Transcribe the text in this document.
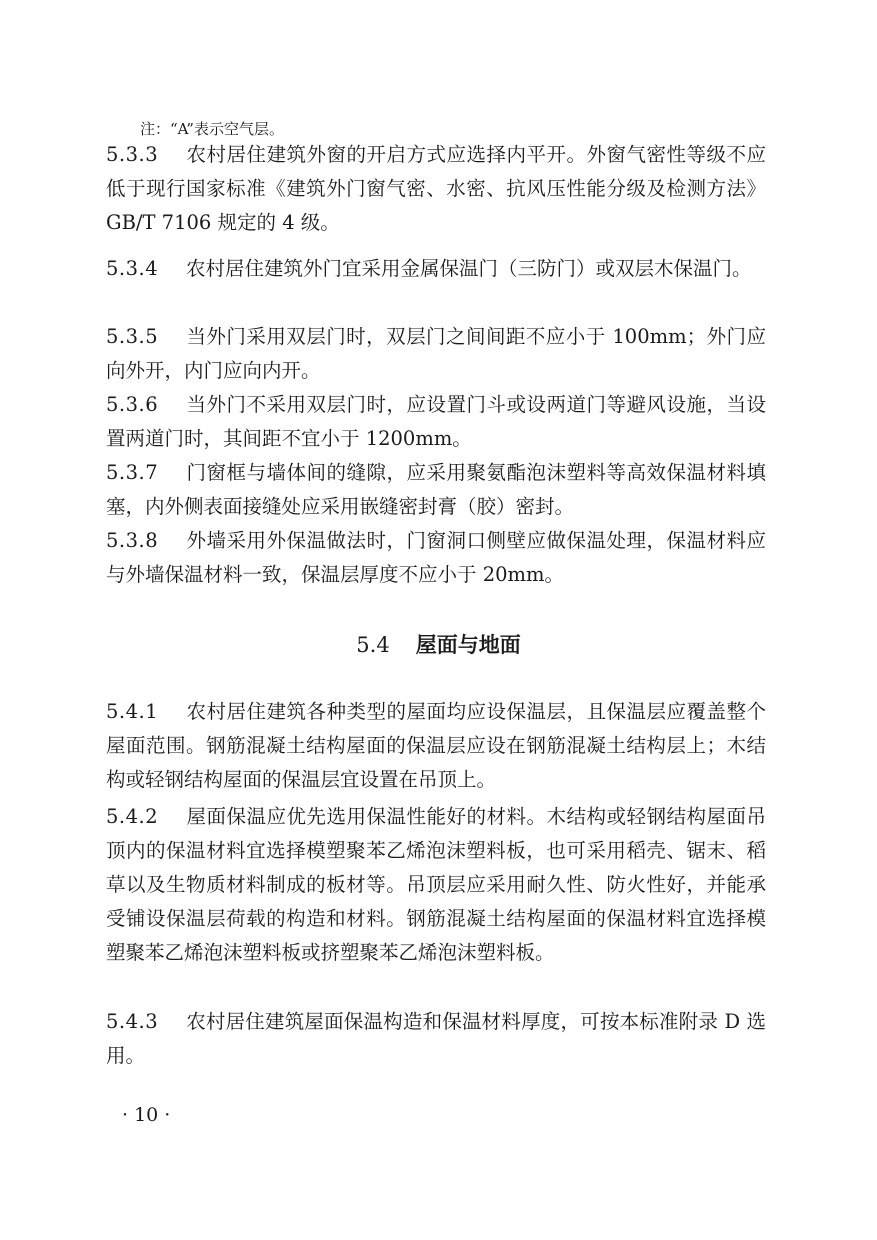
注：“A”表示空气层。

5.3.3 农村居住建筑外窗的开启方式应选择内平开。外窗气密性等级不应低于现行国家标准《建筑外门窗气密、水密、抗风压性能分级及检测方法》GB/T 7106 规定的 4 级。

5.3.4 农村居住建筑外门宜采用金属保温门（三防门）或双层木保温门。

5.3.5 当外门采用双层门时，双层门之间间距不应小于 100mm；外门应向外开，内门应向内开。

5.3.6 当外门不采用双层门时，应设置门斗或设两道门等避风设施，当设置两道门时，其间距不宜小于 1200mm。

5.3.7 门窗框与墙体间的缝隙，应采用聚氨酯泡沫塑料等高效保温材料填塞，内外侧表面接缝处应采用嵌缝密封膏（胶）密封。

5.3.8 外墙采用外保温做法时，门窗洞口侧壁应做保温处理，保温材料应与外墙保温材料一致，保温层厚度不应小于 20mm。

5.4 屋面与地面

5.4.1 农村居住建筑各种类型的屋面均应设保温层，且保温层应覆盖整个屋面范围。钢筋混凝土结构屋面的保温层应设在钢筋混凝土结构层上；木结构或轻钢结构屋面的保温层宜设置在吊顶上。

5.4.2 屋面保温应优先选用保温性能好的材料。木结构或轻钢结构屋面吊顶内的保温材料宜选择模塑聚苯乙烯泡沫塑料板，也可采用稻壳、锯末、稻草以及生物质材料制成的板材等。吊顶层应采用耐久性、防火性好，并能承受铺设保温层荷载的构造和材料。钢筋混凝土结构屋面的保温材料宜选择模塑聚苯乙烯泡沫塑料板或挤塑聚苯乙烯泡沫塑料板。

5.4.3 农村居住建筑屋面保温构造和保温材料厚度，可按本标准附录 D 选用。

· 10 ·
